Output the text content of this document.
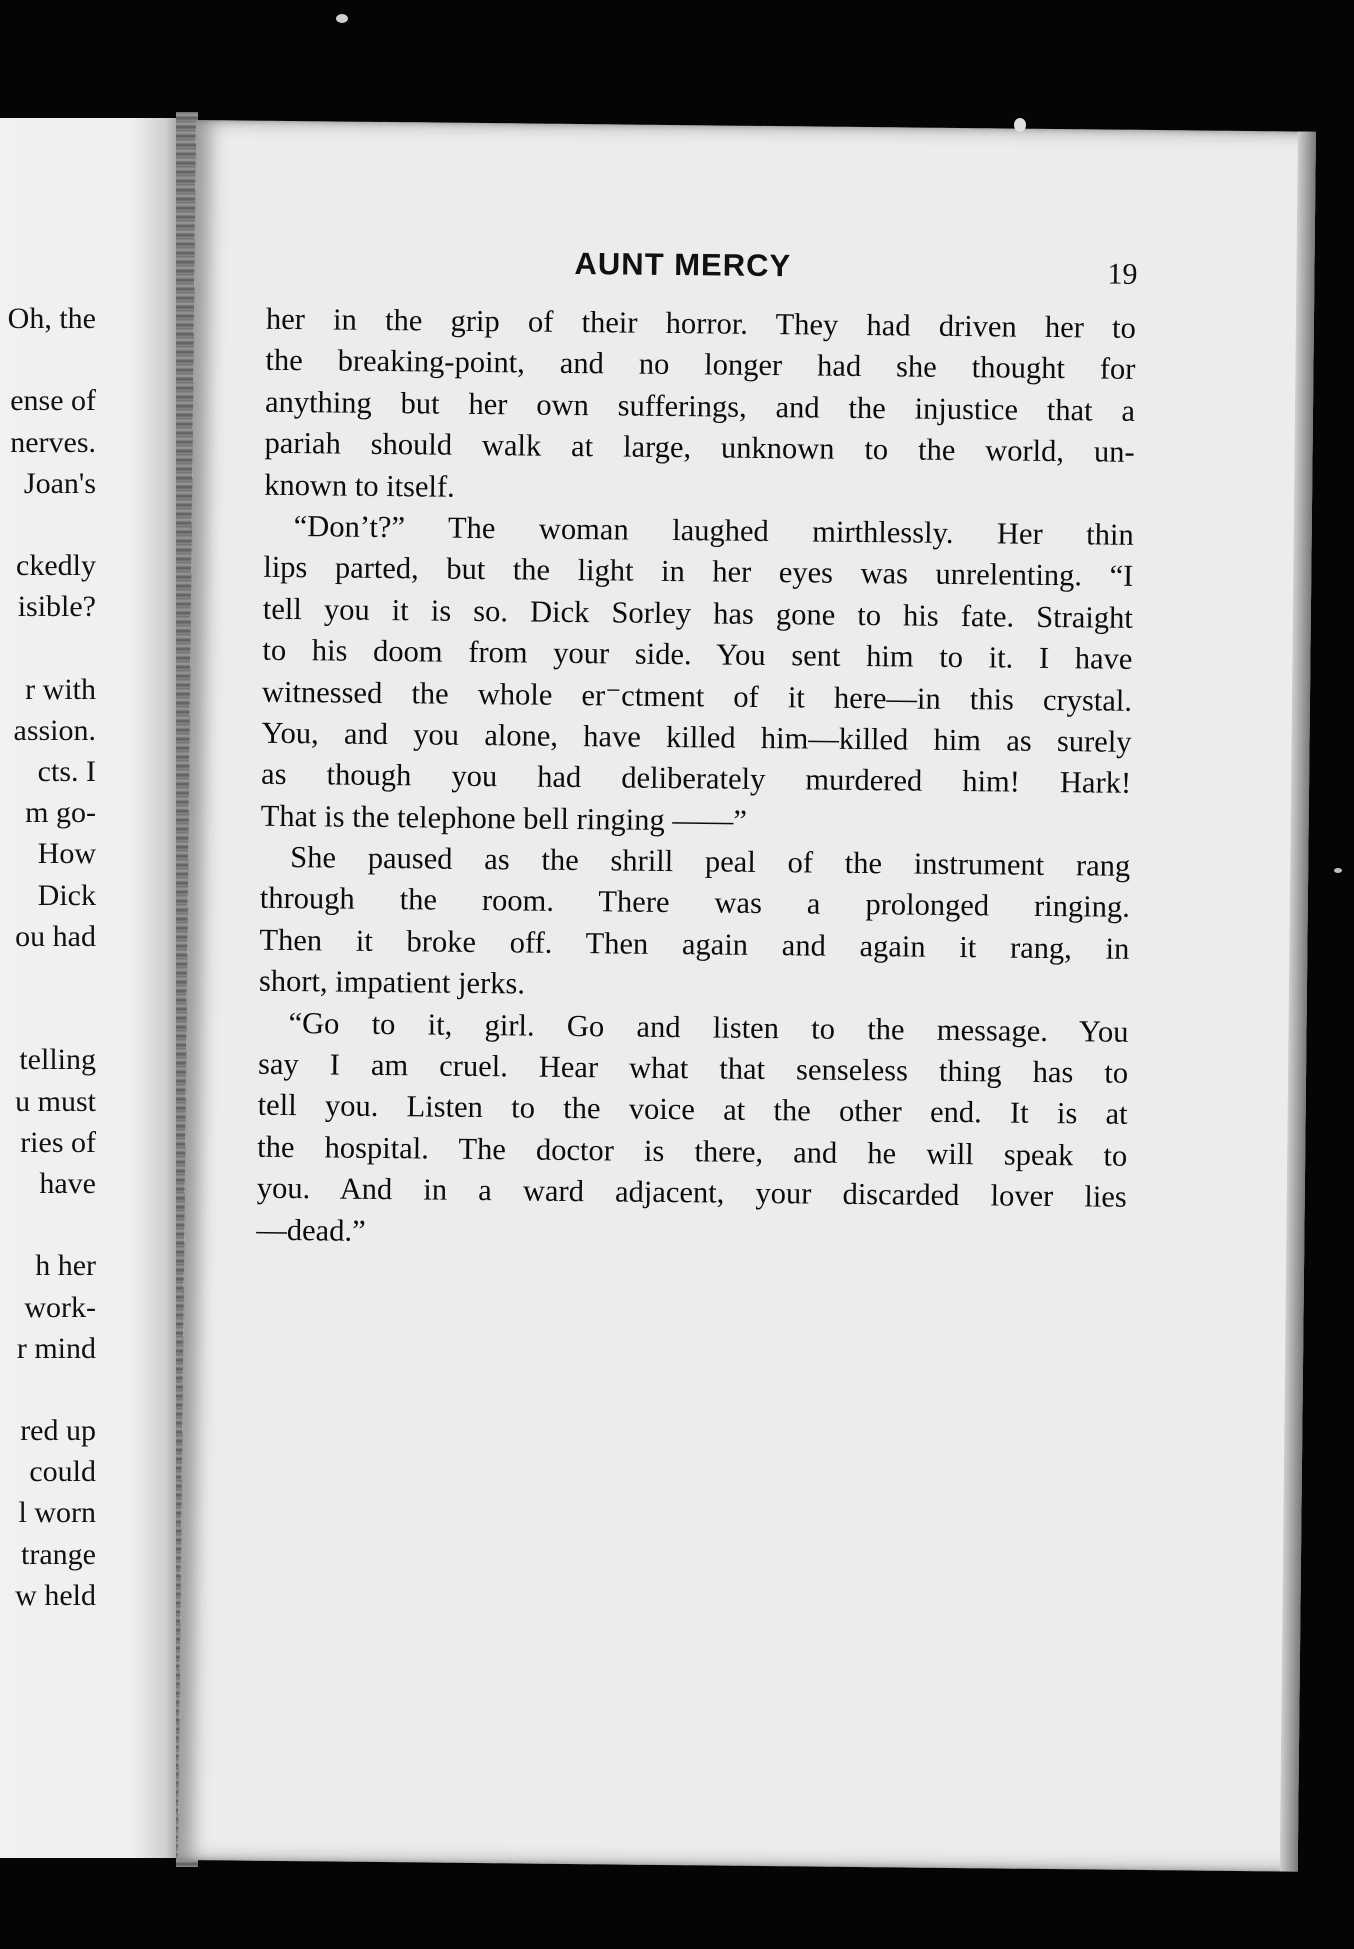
Oh, the
ense of
nerves.
Joan's
ckedly
isible?
r with
assion.
cts. I
m go-
How
Dick
ou had
telling
u must
ries of
have
h her
work-
r mind
red up
could
l worn
trange
w held
AUNT MERCY	19
her in the grip of their horror. They had driven her to
the breaking-point, and no longer had she thought for
anything but her own sufferings, and the injustice that a
pariah should walk at large, unknown to the world, un-
known to itself.
“Don’t?” The woman laughed mirthlessly. Her thin
lips parted, but the light in her eyes was unrelenting. “I
tell you it is so. Dick Sorley has gone to his fate. Straight
to his doom from your side. You sent him to it. I have
witnessed the whole er⁻ctment of it here—in this crystal.
You, and you alone, have killed him—killed him as surely
as though you had deliberately murdered him! Hark!
That is the telephone bell ringing ——”
She paused as the shrill peal of the instrument rang
through the room. There was a prolonged ringing.
Then it broke off. Then again and again it rang, in
short, impatient jerks.
“Go to it, girl. Go and listen to the message. You
say I am cruel. Hear what that senseless thing has to
tell you. Listen to the voice at the other end. It is at
the hospital. The doctor is there, and he will speak to
you. And in a ward adjacent, your discarded lover lies
—dead.”
